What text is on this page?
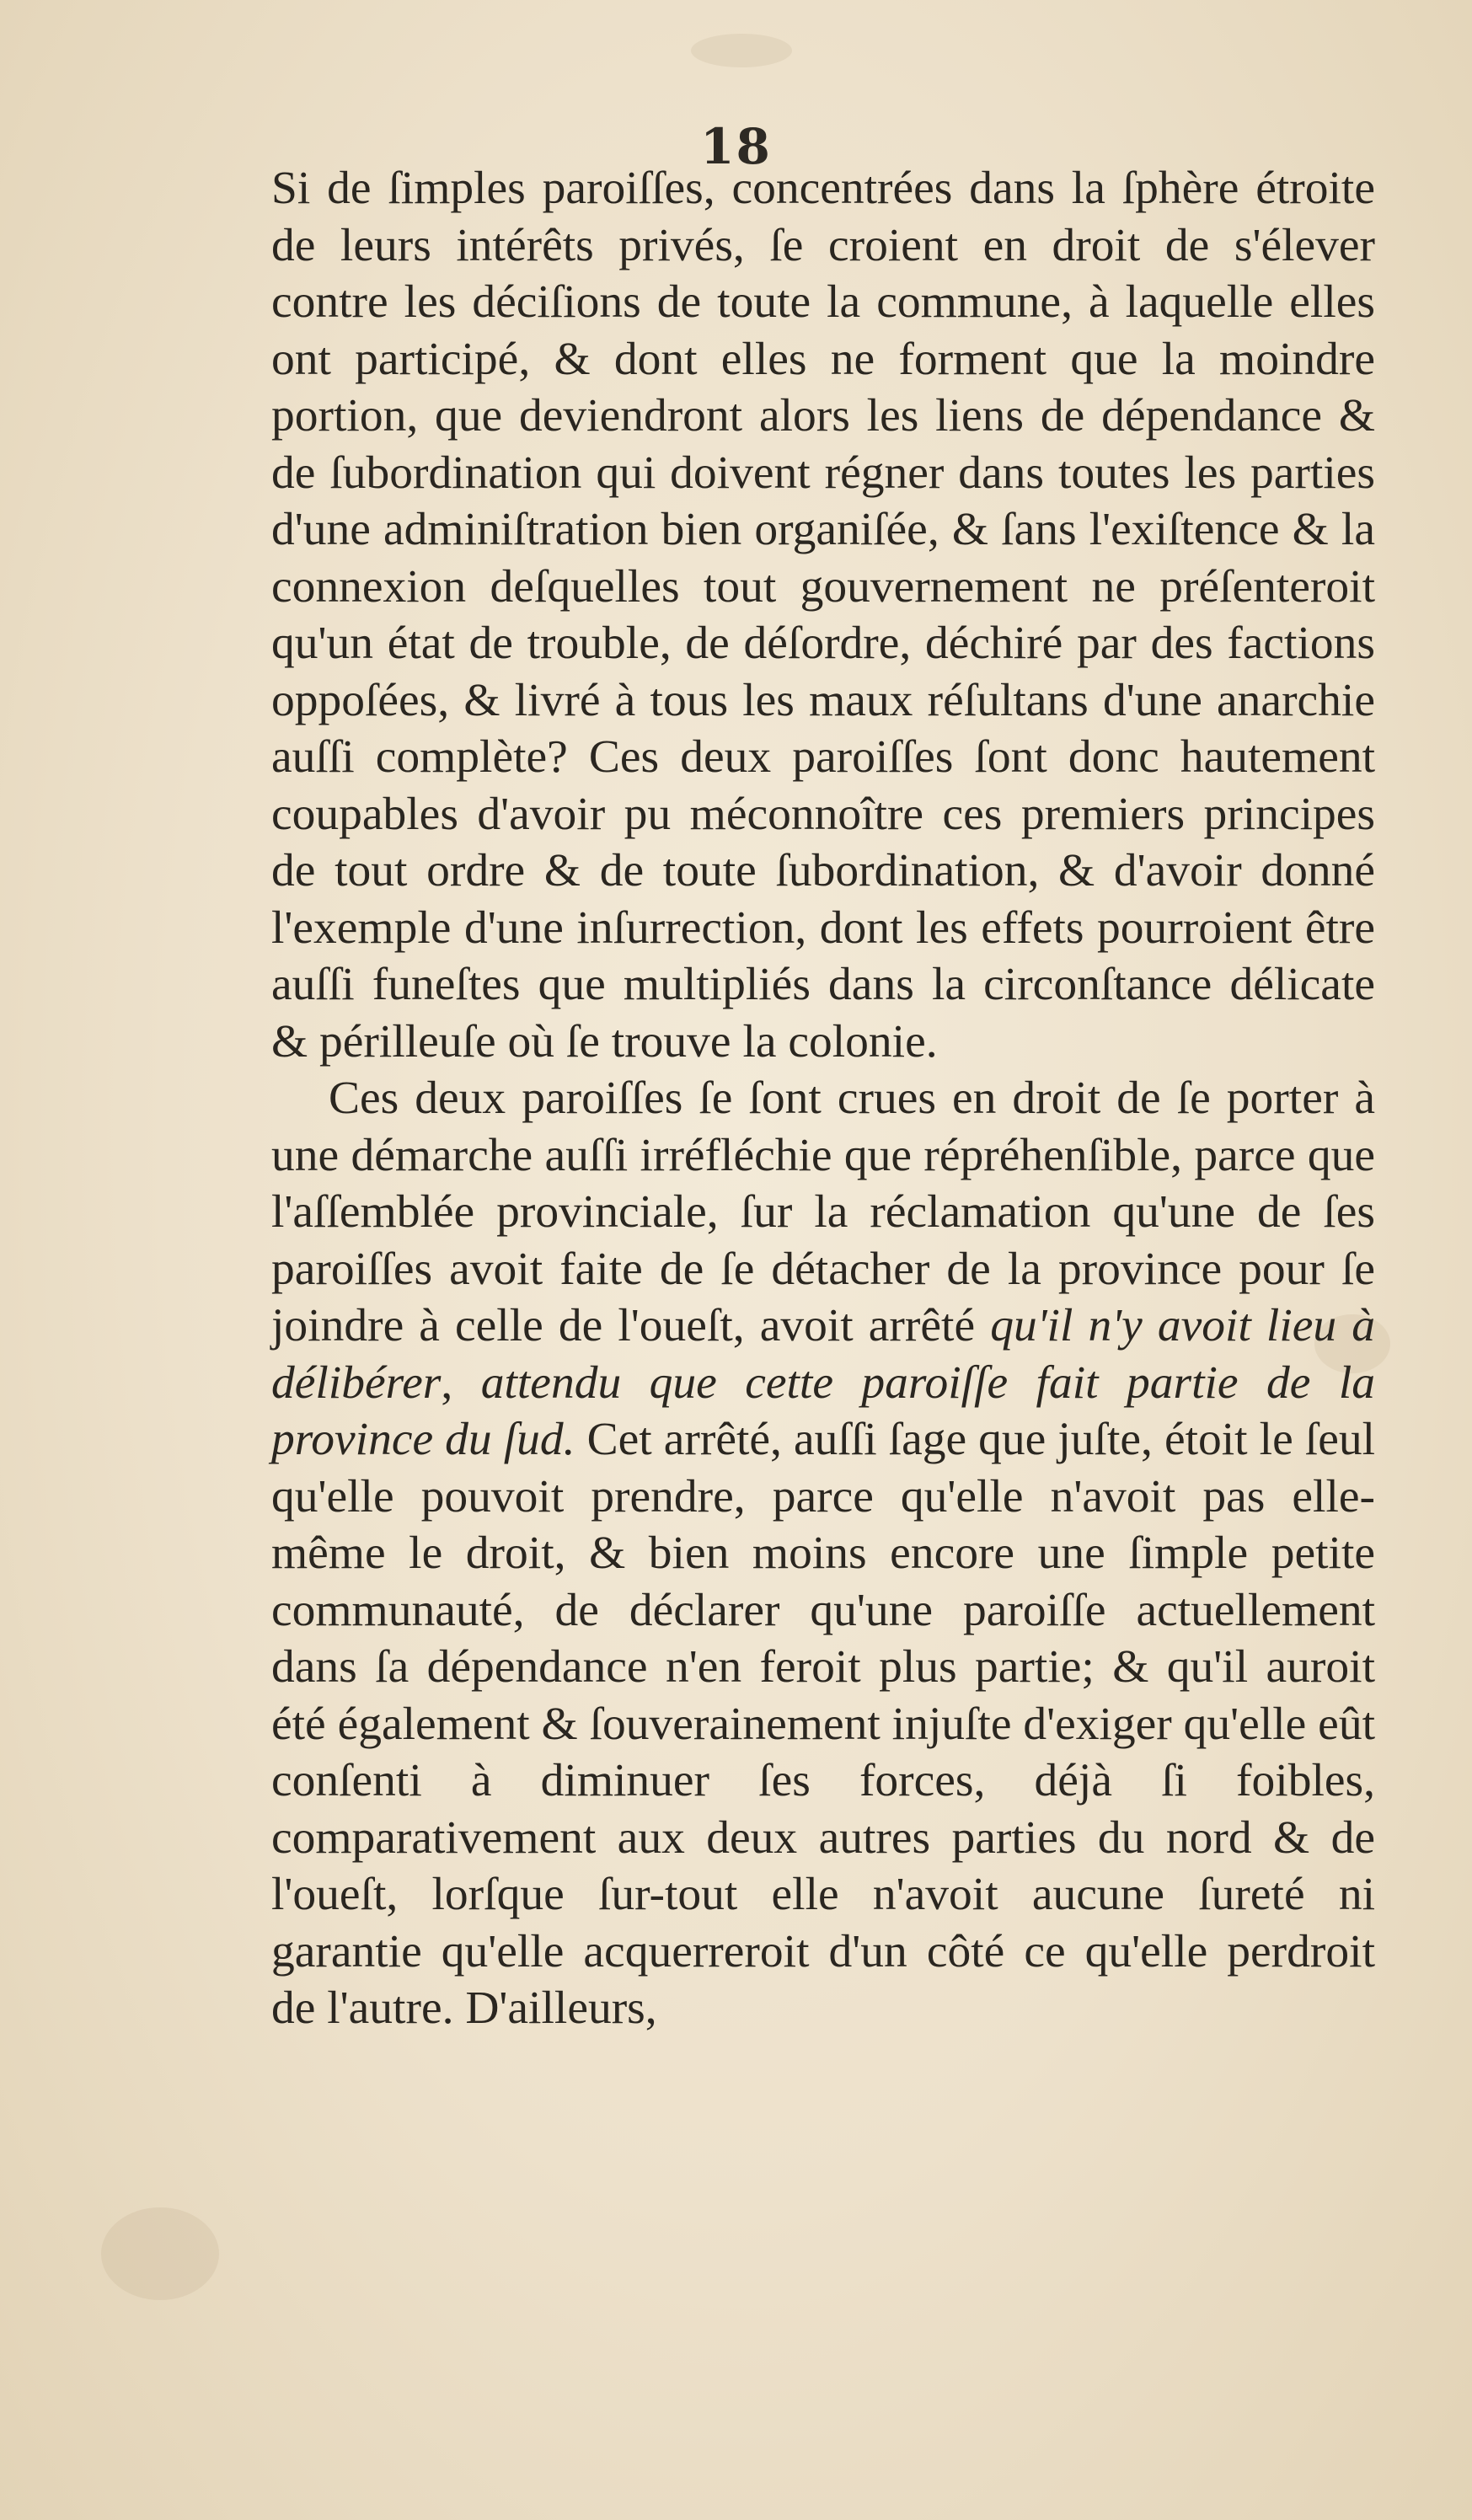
18

Si de ſimples paroiſſes, concentrées dans la ſphère étroite de leurs intérêts privés, ſe croient en droit de s'élever contre les déciſions de toute la commune, à laquelle elles ont participé, & dont elles ne forment que la moindre portion, que deviendront alors les liens de dépendance & de ſubordination qui doivent régner dans toutes les parties d'une adminiſtration bien organiſée, & ſans l'exiſtence & la connexion deſquelles tout gouvernement ne préſenteroit qu'un état de trouble, de déſordre, déchiré par des factions oppoſées, & livré à tous les maux réſultans d'une anarchie auſſi complète? Ces deux paroiſſes ſont donc hautement coupables d'avoir pu méconnoître ces premiers principes de tout ordre & de toute ſubordination, & d'avoir donné l'exemple d'une inſurrection, dont les effets pourroient être auſſi funeſtes que multipliés dans la circonſtance délicate & périlleuſe où ſe trouve la colonie.

Ces deux paroiſſes ſe ſont crues en droit de ſe porter à une démarche auſſi irréfléchie que répréhenſible, parce que l'aſſemblée provinciale, ſur la réclamation qu'une de ſes paroiſſes avoit faite de ſe détacher de la province pour ſe joindre à celle de l'oueſt, avoit arrêté qu'il n'y avoit lieu à délibérer, attendu que cette paroiſſe fait partie de la province du ſud. Cet arrêté, auſſi ſage que juſte, étoit le ſeul qu'elle pouvoit prendre, parce qu'elle n'avoit pas elle-même le droit, & bien moins encore une ſimple petite communauté, de déclarer qu'une paroiſſe actuellement dans ſa dépendance n'en feroit plus partie; & qu'il auroit été également & ſouverainement injuſte d'exiger qu'elle eût conſenti à diminuer ſes forces, déjà ſi foibles, comparativement aux deux autres parties du nord & de l'oueſt, lorſque ſur-tout elle n'avoit aucune ſureté ni garantie qu'elle acquerreroit d'un côté ce qu'elle perdroit de l'autre. D'ailleurs,
